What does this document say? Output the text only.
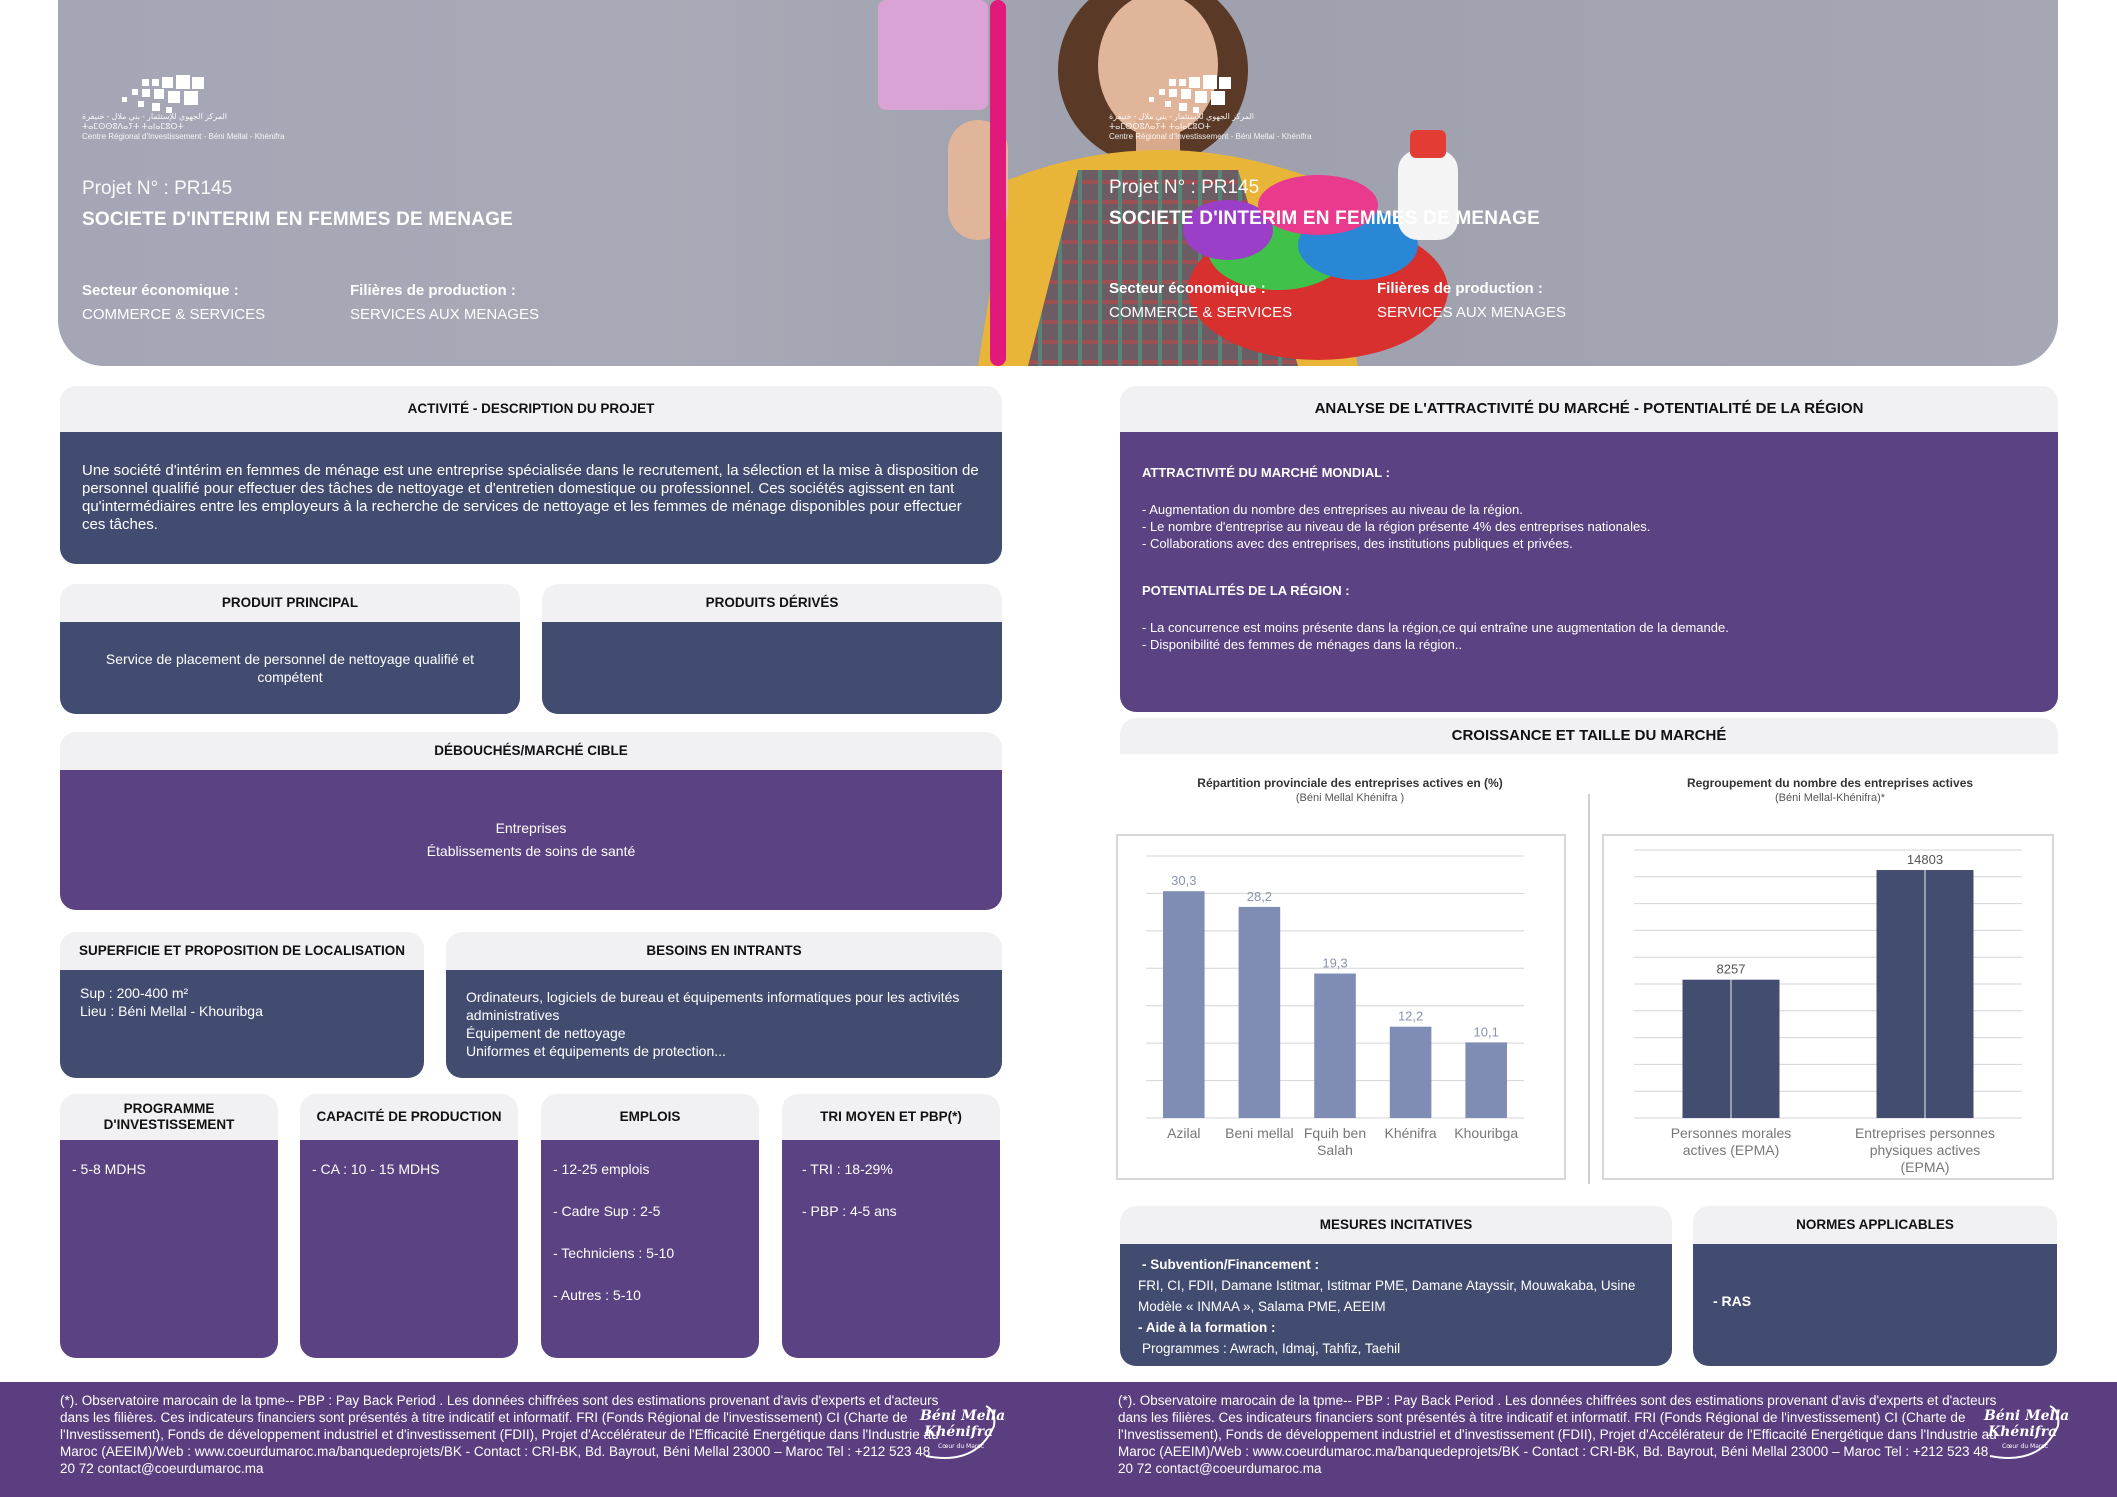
المركز الجهوي للإستثمار - بني ملال - خنيفرة
ⵜⴰⵎⵙⵙⵓⴷⴰⵢⵜ ⵜⴰⵏⴰⵎⵓⵔⵜ
Centre Régional d'Investissement - Béni Mellal - Khénifra
Projet N° : PR145
SOCIETE D'INTERIM EN FEMMES DE MENAGE
Secteur économique :
COMMERCE & SERVICES
Filières de production :
SERVICES AUX MENAGES
المركز الجهوي للإستثمار - بني ملال - خنيفرة
ⵜⴰⵎⵙⵙⵓⴷⴰⵢⵜ ⵜⴰⵏⴰⵎⵓⵔⵜ
Centre Régional d'Investissement - Béni Mellal - Khénifra
Projet N° : PR145
SOCIETE D'INTERIM EN FEMMES DE MENAGE
Secteur économique :
COMMERCE & SERVICES
Filières de production :
SERVICES AUX MENAGES
ACTIVITÉ - DESCRIPTION DU PROJET
Une société d'intérim en femmes de ménage est une entreprise spécialisée dans le recrutement, la sélection et la mise à disposition de personnel qualifié pour effectuer des tâches de nettoyage et d'entretien domestique ou professionnel. Ces sociétés agissent en tant qu'intermédiaires entre les employeurs à la recherche de services de nettoyage et les femmes de ménage disponibles pour effectuer ces tâches.
PRODUIT PRINCIPAL
Service de placement de personnel de nettoyage qualifié et compétent
PRODUITS DÉRIVÉS
DÉBOUCHÉS/MARCHÉ CIBLE
Entreprises
Établissements de soins de santé
SUPERFICIE ET PROPOSITION DE LOCALISATION
Sup : 200-400 m²
Lieu : Béni Mellal - Khouribga
BESOINS EN INTRANTS
Ordinateurs, logiciels de bureau et équipements informatiques pour les activités administratives
Équipement de nettoyage
Uniformes et équipements de protection...
PROGRAMME D'INVESTISSEMENT
- 5-8 MDHS
CAPACITÉ DE PRODUCTION
- CA : 10 - 15 MDHS
EMPLOIS
- 12-25 emplois
- Cadre Sup : 2-5
- Techniciens : 5-10
- Autres : 5-10
TRI MOYEN ET PBP(*)
- TRI : 18-29%
- PBP : 4-5 ans
ANALYSE DE L'ATTRACTIVITÉ DU MARCHÉ - POTENTIALITÉ DE LA RÉGION
ATTRACTIVITÉ DU MARCHÉ MONDIAL :
- Augmentation du nombre des entreprises au niveau de la région.
- Le nombre d'entreprise au niveau de la région présente 4% des entreprises nationales.
- Collaborations avec des entreprises, des institutions publiques et privées.
POTENTIALITÉS DE LA RÉGION :
- La concurrence est moins présente dans la région,ce qui entraîne une augmentation de la demande.
- Disponibilité des femmes de ménages dans la région..
CROISSANCE ET TAILLE DU MARCHÉ
Répartition provinciale des entreprises actives en (%)
(Béni Mellal Khénifra )
30,3
Azilal
28,2
Beni mellal
19,3
Fquih ben
Salah
12,2
Khénifra
10,1
Khouribga
Regroupement du nombre des entreprises actives
(Béni Mellal-Khénifra)*
8257
Personnes morales
actives (EPMA)
14803
Entreprises personnes
physiques actives
(EPMA)
MESURES INCITATIVES
- Subvention/Financement :
FRI, CI, FDII, Damane Istitmar, Istitmar PME, Damane Atayssir, Mouwakaba, Usine Modèle « INMAA », Salama PME, AEEIM
- Aide à la formation :
Programmes : Awrach, Idmaj, Tahfiz, Taehil
NORMES APPLICABLES
- RAS
(*). Observatoire marocain de la tpme-- PBP : Pay Back Period . Les données chiffrées sont des estimations provenant d'avis d'experts et d'acteurs dans les filières. Ces indicateurs financiers sont présentés à titre indicatif et informatif. FRI (Fonds Régional de l'investissement) CI (Charte de l'Investissement), Fonds de développement industriel et d'investissement (FDII), Projet d'Accélérateur de l'Efficacité Energétique dans l'Industrie au Maroc (AEEIM)/Web : www.coeurdumaroc.ma/banquedeprojets/BK - Contact : CRI-BK, Bd. Bayrout, Béni Mellal 23000 – Maroc Tel : +212 523 48 20 72 contact@coeurdumaroc.ma
Béni Mellal
Khénifra
Cœur du Maroc
(*). Observatoire marocain de la tpme-- PBP : Pay Back Period . Les données chiffrées sont des estimations provenant d'avis d'experts et d'acteurs dans les filières. Ces indicateurs financiers sont présentés à titre indicatif et informatif. FRI (Fonds Régional de l'investissement) CI (Charte de l'Investissement), Fonds de développement industriel et d'investissement (FDII), Projet d'Accélérateur de l'Efficacité Energétique dans l'Industrie au Maroc (AEEIM)/Web : www.coeurdumaroc.ma/banquedeprojets/BK - Contact : CRI-BK, Bd. Bayrout, Béni Mellal 23000 – Maroc Tel : +212 523 48 20 72 contact@coeurdumaroc.ma
Béni Mellal
Khénifra
Cœur du Maroc
